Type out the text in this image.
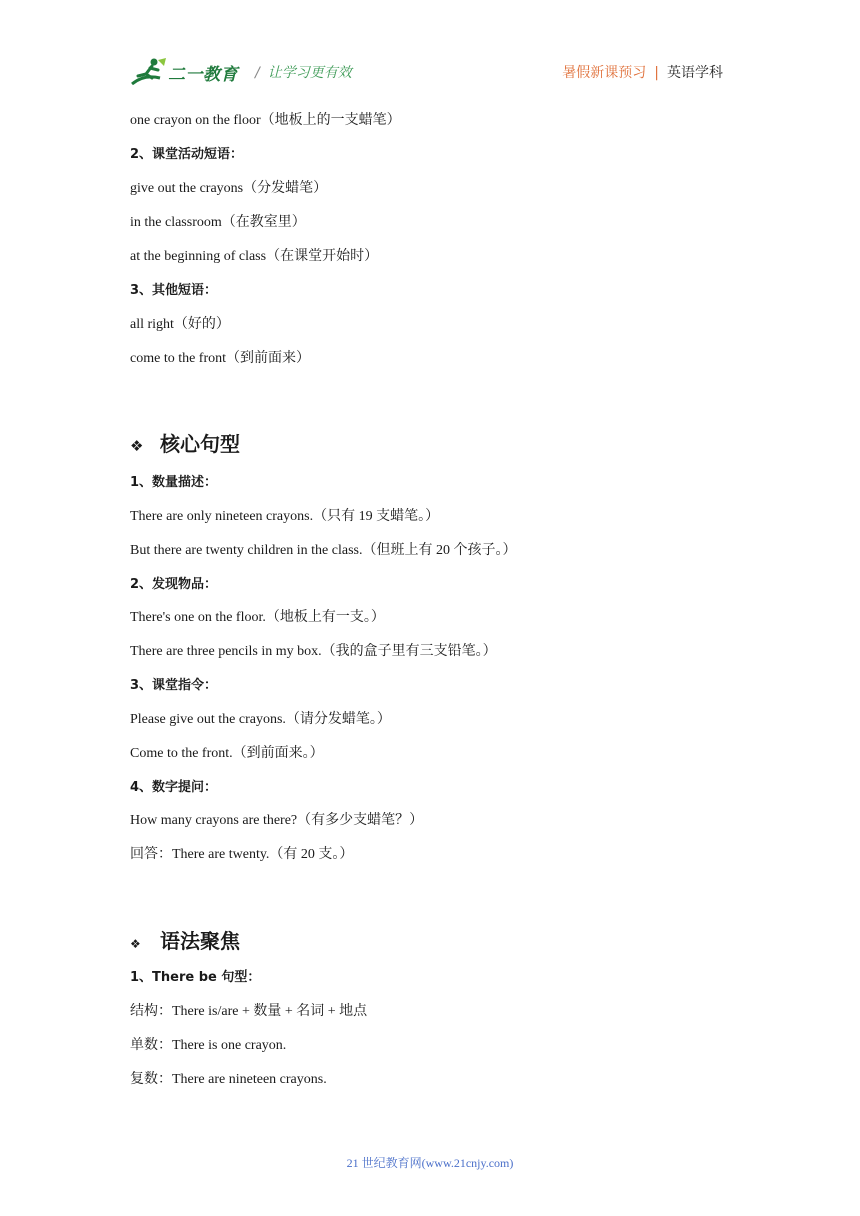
二一教育 / 让学习更有效	暑假新课预习 | 英语学科
one crayon on the floor（地板上的一支蜡笔）
2、课堂活动短语：
give out the crayons（分发蜡笔）
in the classroom（在教室里）
at the beginning of class（在课堂开始时）
3、其他短语：
all right（好的）
come to the front（到前面来）
❖ 核心句型
1、数量描述：
There are only nineteen crayons.（只有 19 支蜡笔。）
But there are twenty children in the class.（但班上有 20 个孩子。）
2、发现物品：
There's one on the floor.（地板上有一支。）
There are three pencils in my box.（我的盒子里有三支铅笔。）
3、课堂指令：
Please give out the crayons.（请分发蜡笔。）
Come to the front.（到前面来。）
4、数字提问：
How many crayons are there?（有多少支蜡笔？）
回答：There are twenty.（有 20 支。）
❖ 语法聚焦
1、There be 句型：
结构：There is/are + 数量 + 名词 + 地点
单数：There is one crayon.
复数：There are nineteen crayons.
21 世纪教育网(www.21cnjy.com)
